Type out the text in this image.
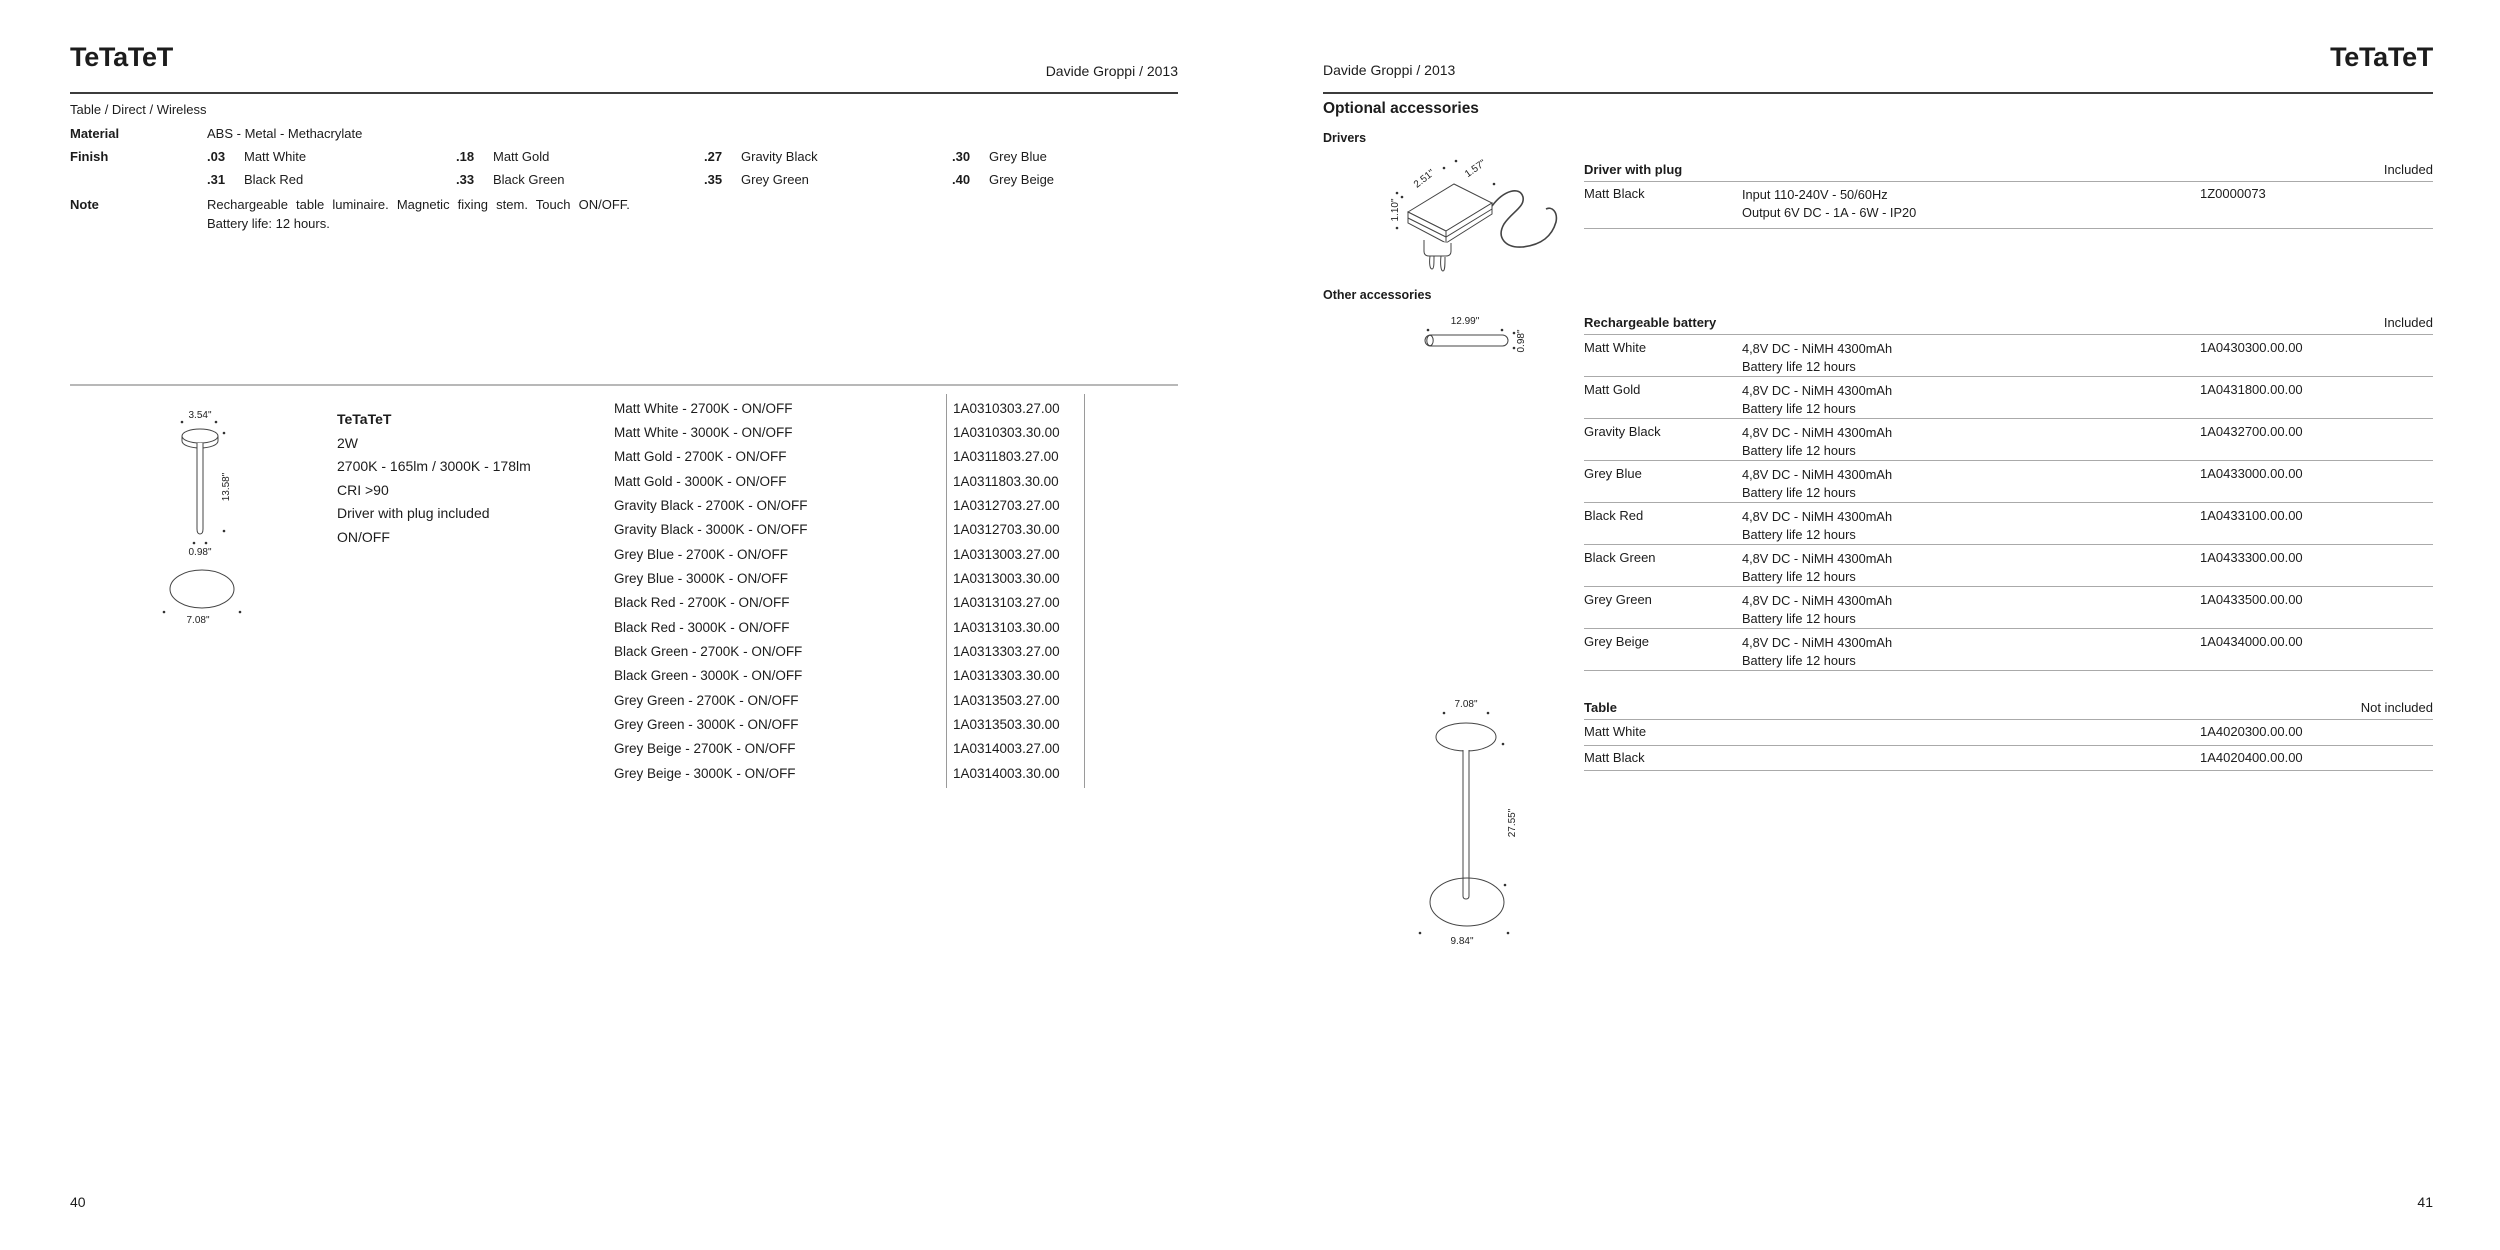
TeTaTeT	Davide Groppi / 2013
Table / Direct / Wireless
Material	ABS - Metal - Methacrylate
Finish	.03 Matt White	.18 Matt Gold	.27 Gravity Black	.30 Grey Blue
.31 Black Red	.33 Black Green	.35 Grey Green	.40 Grey Beige
Note	Rechargeable table luminaire. Magnetic fixing stem. Touch ON/OFF.
Battery life: 12 hours.
3.54"
13.58"
0.98"
7.08"
TeTaTeT
2W
2700K - 165lm / 3000K - 178lm
CRI >90
Driver with plug included
ON/OFF
Matt White - 2700K - ON/OFF	1A0310303.27.00
Matt White - 3000K - ON/OFF	1A0310303.30.00
Matt Gold - 2700K - ON/OFF	1A0311803.27.00
Matt Gold - 3000K - ON/OFF	1A0311803.30.00
Gravity Black - 2700K - ON/OFF	1A0312703.27.00
Gravity Black - 3000K - ON/OFF	1A0312703.30.00
Grey Blue - 2700K - ON/OFF	1A0313003.27.00
Grey Blue - 3000K - ON/OFF	1A0313003.30.00
Black Red - 2700K - ON/OFF	1A0313103.27.00
Black Red - 3000K - ON/OFF	1A0313103.30.00
Black Green - 2700K - ON/OFF	1A0313303.27.00
Black Green - 3000K - ON/OFF	1A0313303.30.00
Grey Green - 2700K - ON/OFF	1A0313503.27.00
Grey Green - 3000K - ON/OFF	1A0313503.30.00
Grey Beige - 2700K - ON/OFF	1A0314003.27.00
Grey Beige - 3000K - ON/OFF	1A0314003.30.00
40
Davide Groppi / 2013	TeTaTeT
Optional accessories
Drivers
2.51"	1.57"
1.10"
Driver with plug	Included
Matt Black	Input 110-240V - 50/60Hz
Output 6V DC - 1A - 6W - IP20
1Z0000073
Other accessories
12.99"
0.98"
Rechargeable battery	Included
Matt White	4,8V DC - NiMH 4300mAh
Battery life 12 hours
1A0430300.00.00
Matt Gold	4,8V DC - NiMH 4300mAh
Battery life 12 hours
1A0431800.00.00
Gravity Black	4,8V DC - NiMH 4300mAh
Battery life 12 hours
1A0432700.00.00
Grey Blue	4,8V DC - NiMH 4300mAh
Battery life 12 hours
1A0433000.00.00
Black Red	4,8V DC - NiMH 4300mAh
Battery life 12 hours
1A0433100.00.00
Black Green	4,8V DC - NiMH 4300mAh
Battery life 12 hours
1A0433300.00.00
Grey Green	4,8V DC - NiMH 4300mAh
Battery life 12 hours
1A0433500.00.00
Grey Beige	4,8V DC - NiMH 4300mAh
Battery life 12 hours
1A0434000.00.00
7.08"
27.55"
9.84"
Table	Not included
Matt White	1A4020300.00.00
Matt Black	1A4020400.00.00
41
